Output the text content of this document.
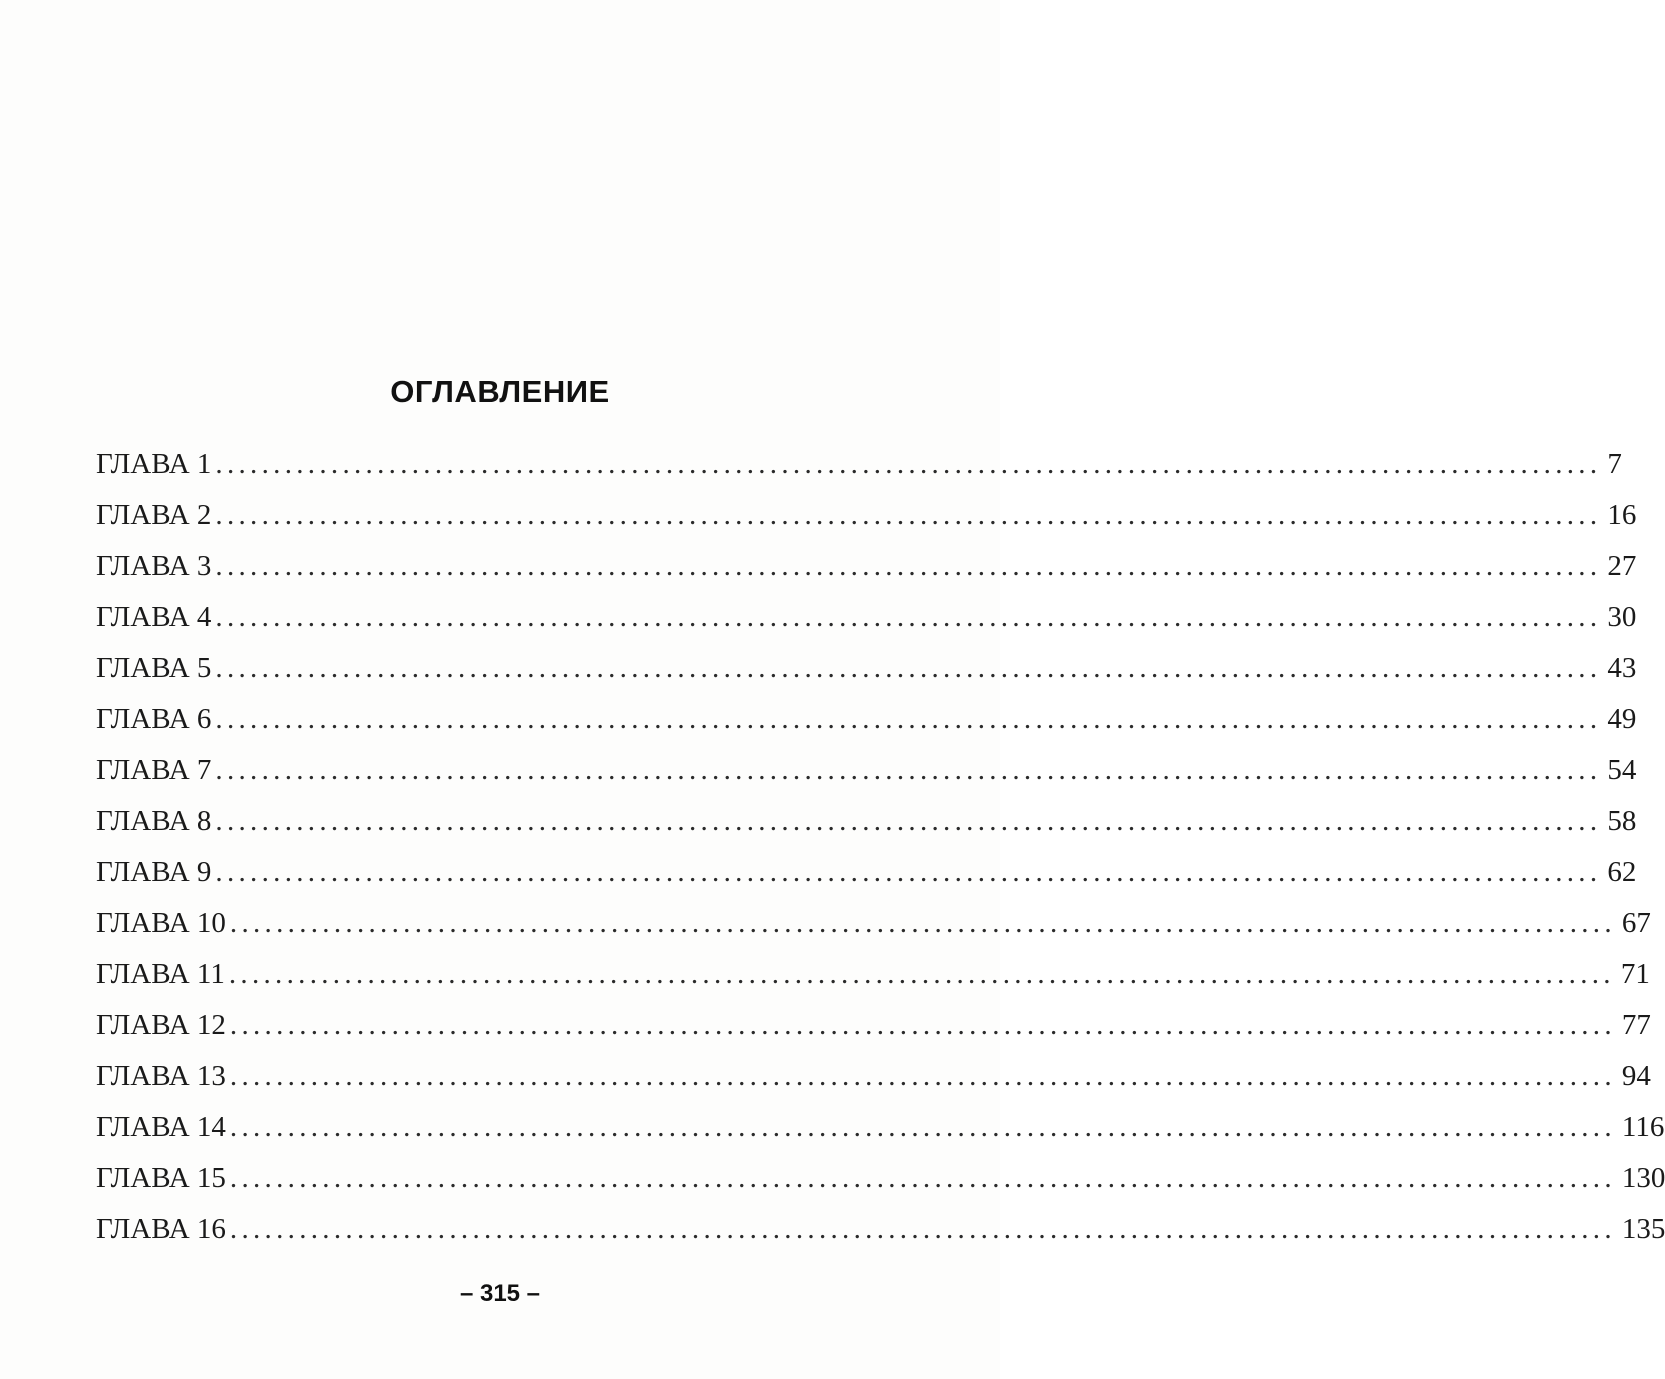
ОГЛАВЛЕНИЕ
ГЛАВА 1 ........................................................................................................................ 7
ГЛАВА 2 ........................................................................................................................ 16
ГЛАВА 3 ........................................................................................................................ 27
ГЛАВА 4 ........................................................................................................................ 30
ГЛАВА 5 ........................................................................................................................ 43
ГЛАВА 6 ........................................................................................................................ 49
ГЛАВА 7 ........................................................................................................................ 54
ГЛАВА 8 ........................................................................................................................ 58
ГЛАВА 9 ........................................................................................................................ 62
ГЛАВА 10 ........................................................................................................................ 67
ГЛАВА 11 ........................................................................................................................ 71
ГЛАВА 12 ........................................................................................................................ 77
ГЛАВА 13 ........................................................................................................................ 94
ГЛАВА 14 ........................................................................................................................ 116
ГЛАВА 15 ........................................................................................................................ 130
ГЛАВА 16 ........................................................................................................................ 135
– 315 –
